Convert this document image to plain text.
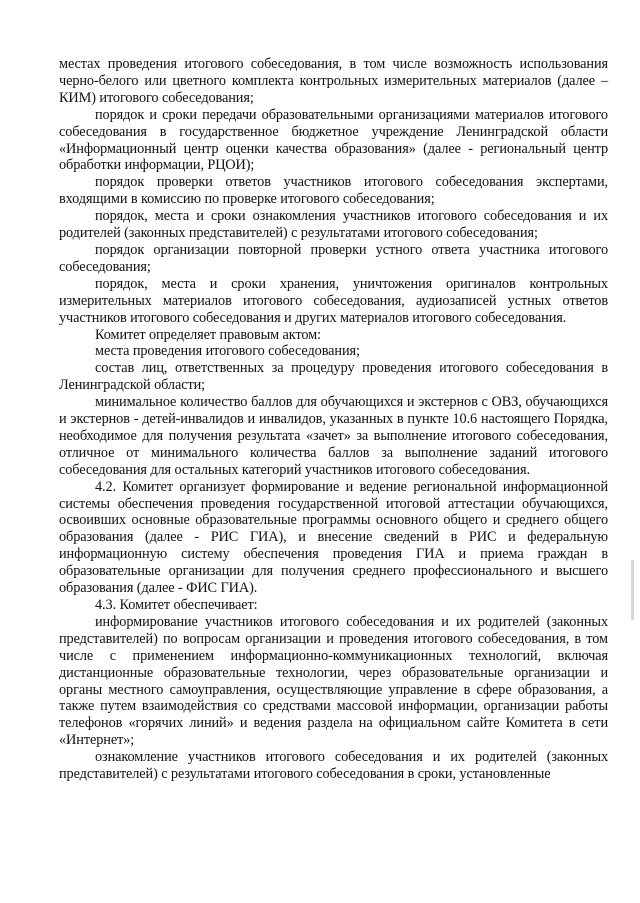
местах проведения итогового собеседования, в том числе возможность использования черно-белого или цветного комплекта контрольных измерительных материалов (далее – КИМ) итогового собеседования;

порядок и сроки передачи образовательными организациями материалов итогового собеседования в государственное бюджетное учреждение Ленинградской области «Информационный центр оценки качества образования» (далее - региональный центр обработки информации, РЦОИ);

порядок проверки ответов участников итогового собеседования экспертами, входящими в комиссию по проверке итогового собеседования;

порядок, места и сроки ознакомления участников итогового собеседования и их родителей (законных представителей) с результатами итогового собеседования;

порядок организации повторной проверки устного ответа участника итогового собеседования;

порядок, места и сроки хранения, уничтожения оригиналов контрольных измерительных материалов итогового собеседования, аудиозаписей устных ответов участников итогового собеседования и других материалов итогового собеседования.

Комитет определяет правовым актом:

места проведения итогового собеседования;

состав лиц, ответственных за процедуру проведения итогового собеседования в Ленинградской области;

минимальное количество баллов для обучающихся и экстернов с ОВЗ, обучающихся и экстернов - детей-инвалидов и инвалидов, указанных в пункте 10.6 настоящего Порядка, необходимое для получения результата «зачет» за выполнение итогового собеседования, отличное от минимального количества баллов за выполнение заданий итогового собеседования для остальных категорий участников итогового собеседования.

4.2. Комитет организует формирование и ведение региональной информационной системы обеспечения проведения государственной итоговой аттестации обучающихся, освоивших основные образовательные программы основного общего и среднего общего образования (далее - РИС ГИА), и внесение сведений в РИС и федеральную информационную систему обеспечения проведения ГИА и приема граждан в образовательные организации для получения среднего профессионального и высшего образования (далее - ФИС ГИА).

4.3. Комитет обеспечивает:

информирование участников итогового собеседования и их родителей (законных представителей) по вопросам организации и проведения итогового собеседования, в том числе с применением информационно-коммуникационных технологий, включая дистанционные образовательные технологии, через образовательные организации и органы местного самоуправления, осуществляющие управление в сфере образования, а также путем взаимодействия со средствами массовой информации, организации работы телефонов «горячих линий» и ведения раздела на официальном сайте Комитета в сети «Интернет»;

ознакомление участников итогового собеседования и их родителей (законных представителей) с результатами итогового собеседования в сроки, установленные
